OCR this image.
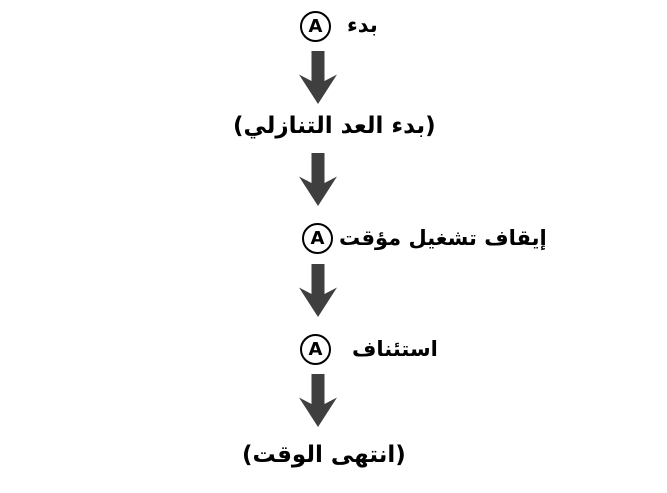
A بدء
(بدء العد التنازلي)
A إيقاف تشغيل مؤقت
A استئناف
(انتهى الوقت)
